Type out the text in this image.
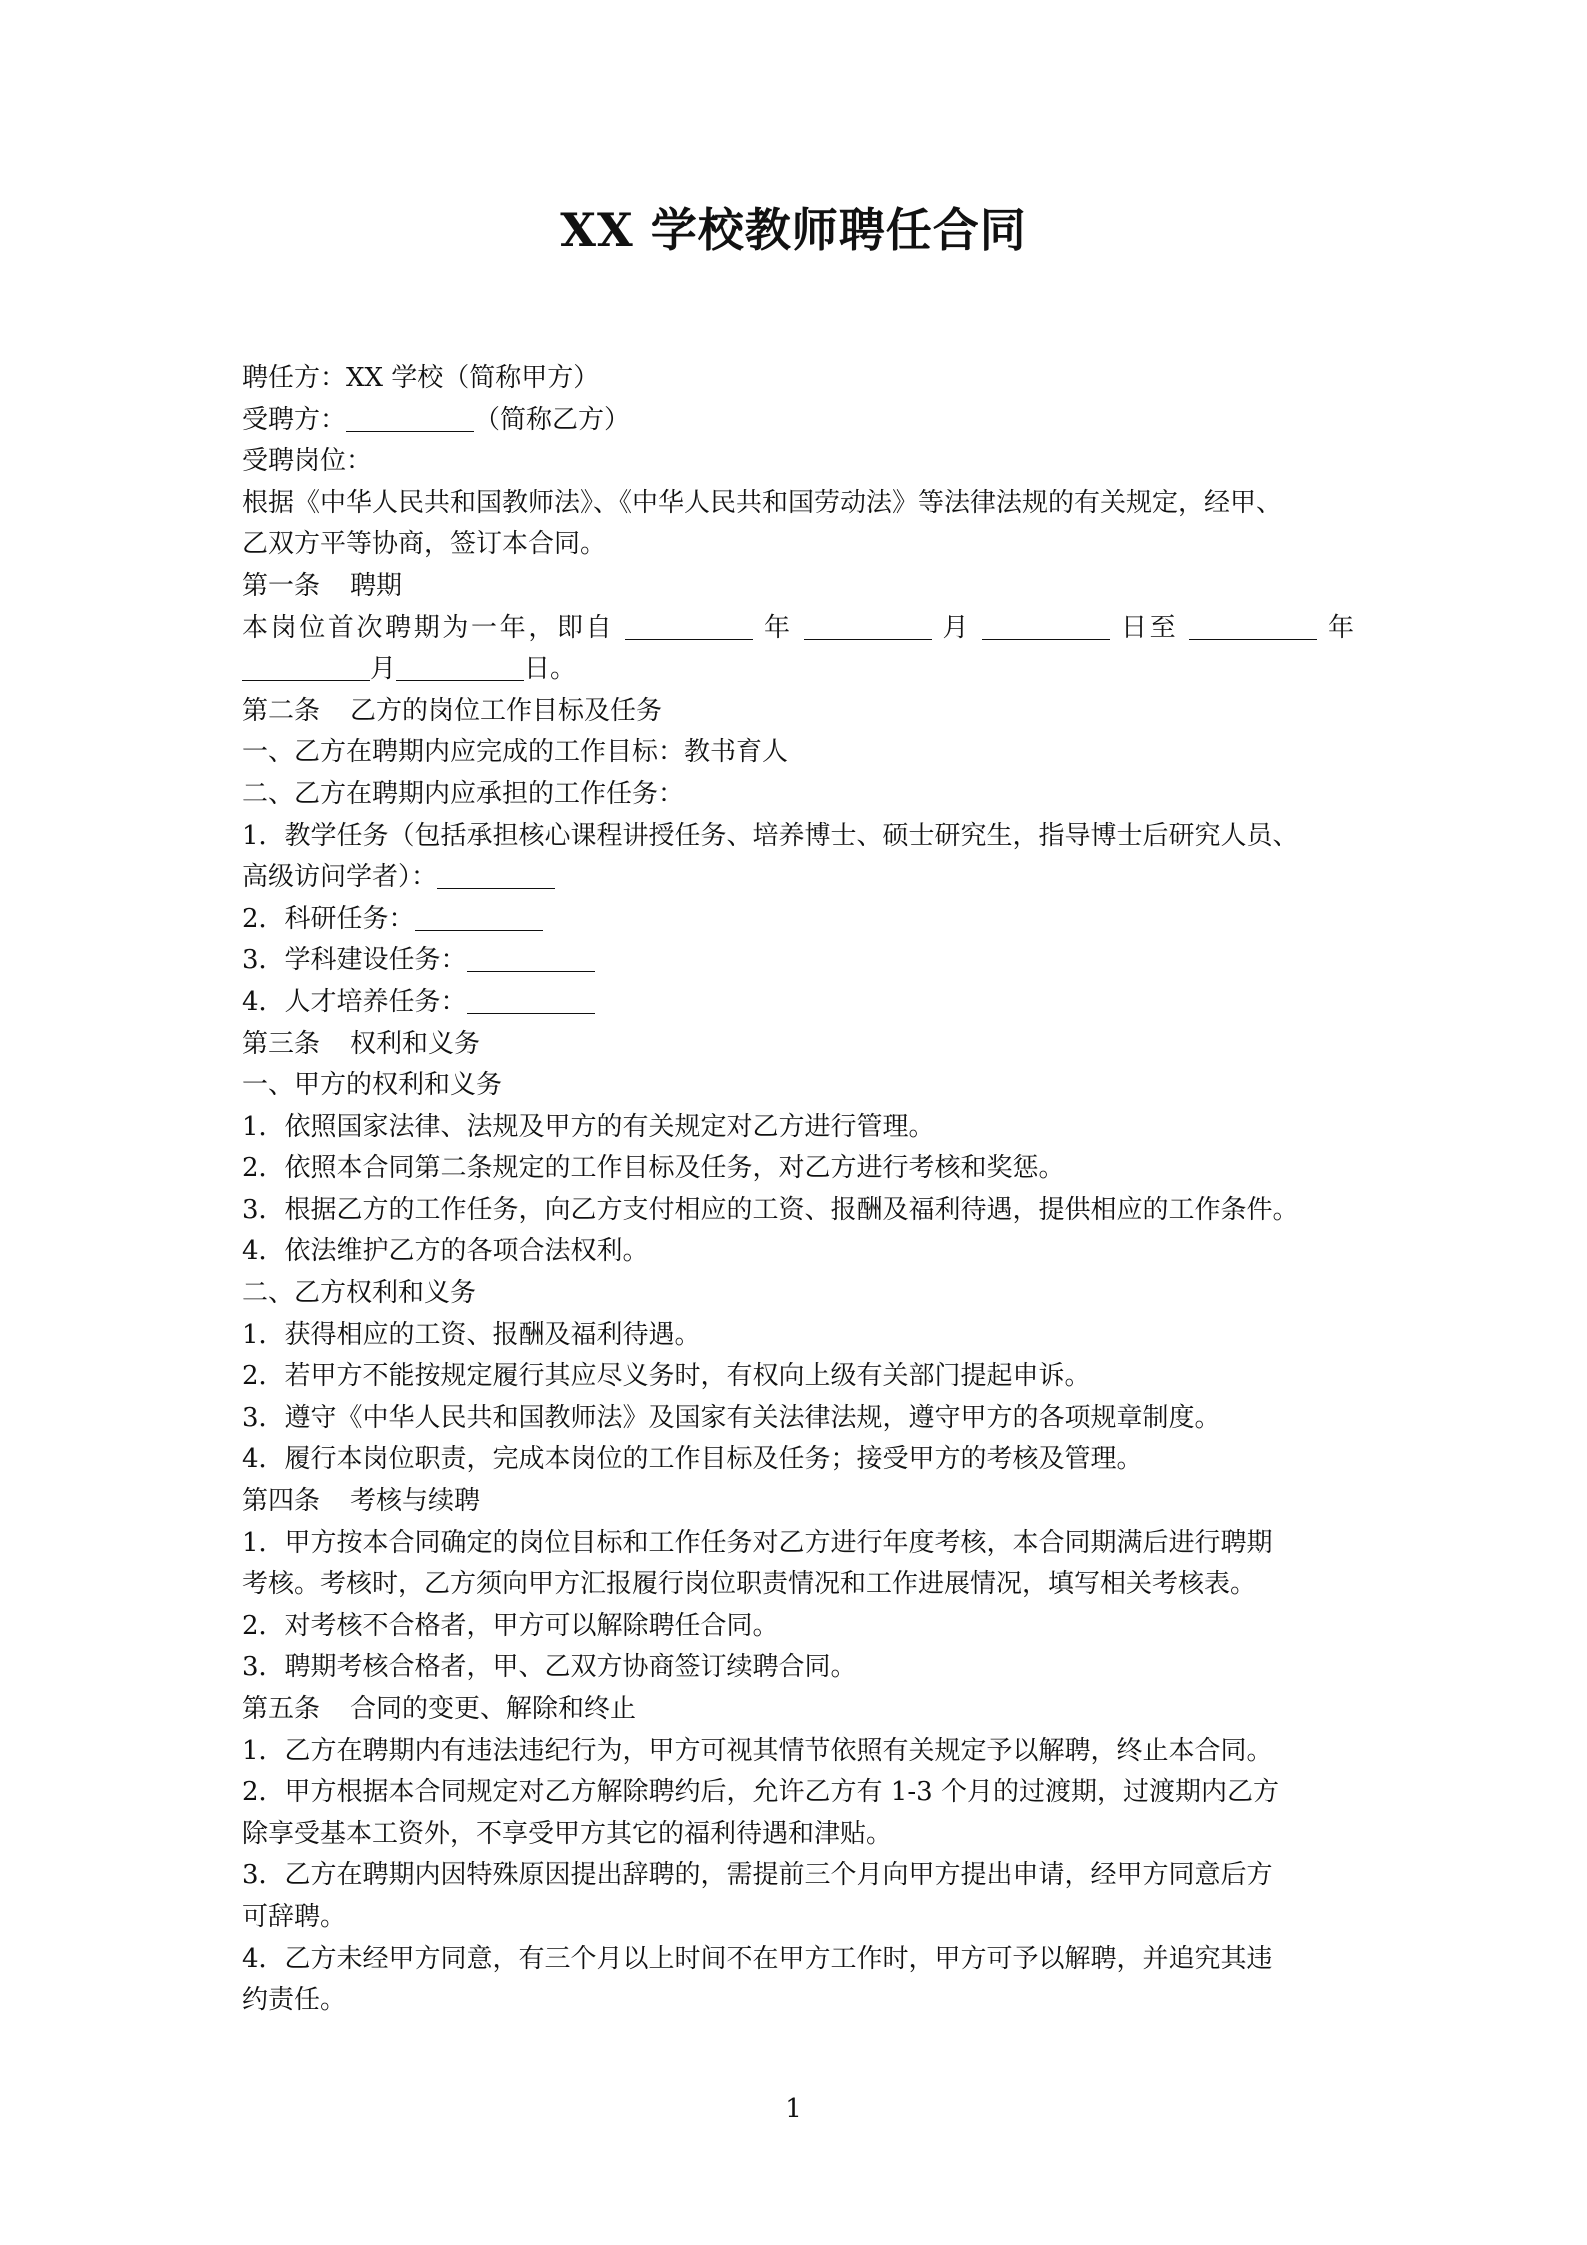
XX 学校教师聘任合同
聘任方：XX 学校（简称甲方）
受聘方：	（简称乙方）
受聘岗位：
根据《中华人民共和国教师法》、《中华人民共和国劳动法》等法律法规的有关规定，经甲、
乙双方平等协商，签订本合同。
第一条 聘期
本岗位首次聘期为一年，即自	年	月	日至	年
月	日。
第二条 乙方的岗位工作目标及任务
一、乙方在聘期内应完成的工作目标：教书育人
二、乙方在聘期内应承担的工作任务：
1．教学任务（包括承担核心课程讲授任务、培养博士、硕士研究生，指导博士后研究人员、
高级访问学者）：
2．科研任务：
3．学科建设任务：
4．人才培养任务：
第三条 权利和义务
一、甲方的权利和义务
1．依照国家法律、法规及甲方的有关规定对乙方进行管理。
2．依照本合同第二条规定的工作目标及任务，对乙方进行考核和奖惩。
3．根据乙方的工作任务，向乙方支付相应的工资、报酬及福利待遇，提供相应的工作条件。
4．依法维护乙方的各项合法权利。
二、乙方权利和义务
1．获得相应的工资、报酬及福利待遇。
2．若甲方不能按规定履行其应尽义务时，有权向上级有关部门提起申诉。
3．遵守《中华人民共和国教师法》及国家有关法律法规，遵守甲方的各项规章制度。
4．履行本岗位职责，完成本岗位的工作目标及任务；接受甲方的考核及管理。
第四条 考核与续聘
1．甲方按本合同确定的岗位目标和工作任务对乙方进行年度考核，本合同期满后进行聘期
考核。考核时，乙方须向甲方汇报履行岗位职责情况和工作进展情况，填写相关考核表。
2．对考核不合格者，甲方可以解除聘任合同。
3．聘期考核合格者，甲、乙双方协商签订续聘合同。
第五条 合同的变更、解除和终止
1．乙方在聘期内有违法违纪行为，甲方可视其情节依照有关规定予以解聘，终止本合同。
2．甲方根据本合同规定对乙方解除聘约后，允许乙方有 1-3 个月的过渡期，过渡期内乙方
除享受基本工资外，不享受甲方其它的福利待遇和津贴。
3．乙方在聘期内因特殊原因提出辞聘的，需提前三个月向甲方提出申请，经甲方同意后方
可辞聘。
4．乙方未经甲方同意，有三个月以上时间不在甲方工作时，甲方可予以解聘，并追究其违
约责任。
1
